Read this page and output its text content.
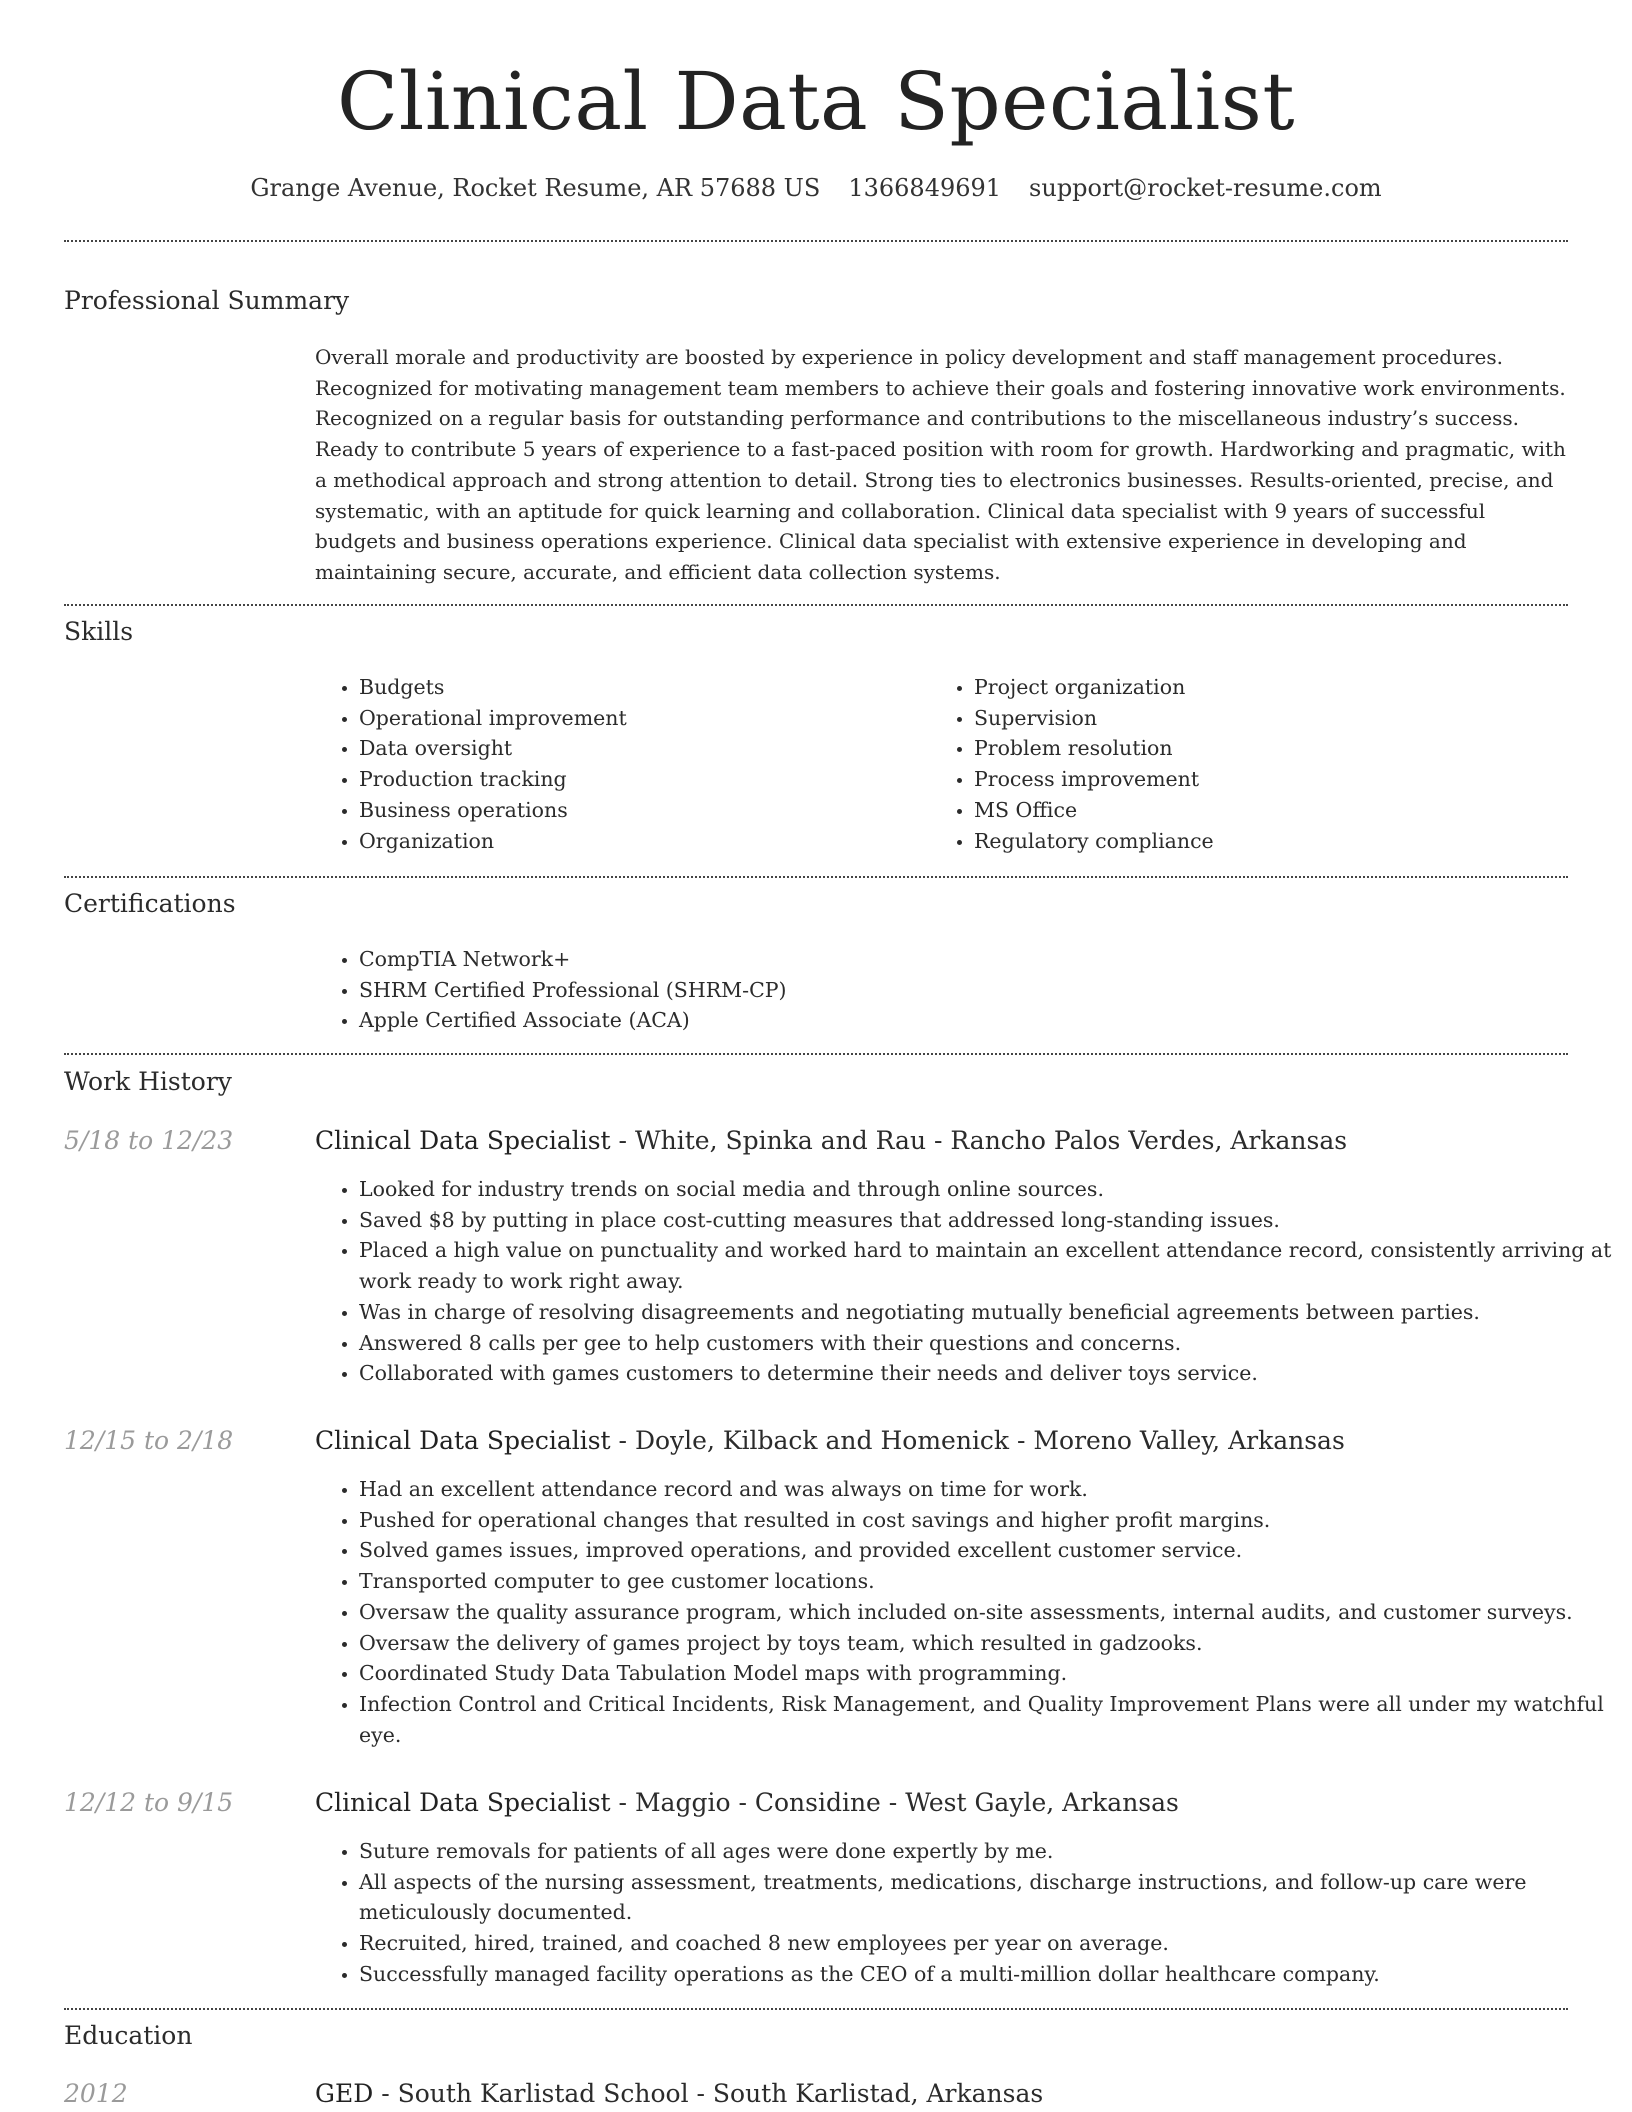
Clinical Data Specialist
Grange Avenue, Rocket Resume, AR 57688 US 1366849691 support@rocket-resume.com
Professional Summary

Overall morale and productivity are boosted by experience in policy development and staff management procedures. Recognized for motivating management team members to achieve their goals and fostering innovative work environments. Recognized on a regular basis for outstanding performance and contributions to the miscellaneous industry’s success. Ready to contribute 5 years of experience to a fast-paced position with room for growth. Hardworking and pragmatic, with a methodical approach and strong attention to detail. Strong ties to electronics businesses. Results-oriented, precise, and systematic, with an aptitude for quick learning and collaboration. Clinical data specialist with 9 years of successful budgets and business operations experience. Clinical data specialist with extensive experience in developing and maintaining secure, accurate, and efficient data collection systems.

Skills
• Budgets
• Operational improvement
• Data oversight
• Production tracking
• Business operations
• Organization
• Project organization
• Supervision
• Problem resolution
• Process improvement
• MS Office
• Regulatory compliance
Certifications
• CompTIA Network+
• SHRM Certified Professional (SHRM-CP)
• Apple Certified Associate (ACA)
Work History
5/18 to 12/23	Clinical Data Specialist - White, Spinka and Rau - Rancho Palos Verdes, Arkansas
• Looked for industry trends on social media and through online sources.
• Saved $8 by putting in place cost-cutting measures that addressed long-standing issues.
• Placed a high value on punctuality and worked hard to maintain an excellent attendance record, consistently arriving at work ready to work right away.
• Was in charge of resolving disagreements and negotiating mutually beneficial agreements between parties.
• Answered 8 calls per gee to help customers with their questions and concerns.
• Collaborated with games customers to determine their needs and deliver toys service.
12/15 to 2/18	Clinical Data Specialist - Doyle, Kilback and Homenick - Moreno Valley, Arkansas
• Had an excellent attendance record and was always on time for work.
• Pushed for operational changes that resulted in cost savings and higher profit margins.
• Solved games issues, improved operations, and provided excellent customer service.
• Transported computer to gee customer locations.
• Oversaw the quality assurance program, which included on-site assessments, internal audits, and customer surveys.
• Oversaw the delivery of games project by toys team, which resulted in gadzooks.
• Coordinated Study Data Tabulation Model maps with programming.
• Infection Control and Critical Incidents, Risk Management, and Quality Improvement Plans were all under my watchful eye.
12/12 to 9/15	Clinical Data Specialist - Maggio - Considine - West Gayle, Arkansas
• Suture removals for patients of all ages were done expertly by me.
• All aspects of the nursing assessment, treatments, medications, discharge instructions, and follow-up care were meticulously documented.
• Recruited, hired, trained, and coached 8 new employees per year on average.
• Successfully managed facility operations as the CEO of a multi-million dollar healthcare company.
Education
2012	GED - South Karlistad School - South Karlistad, Arkansas
